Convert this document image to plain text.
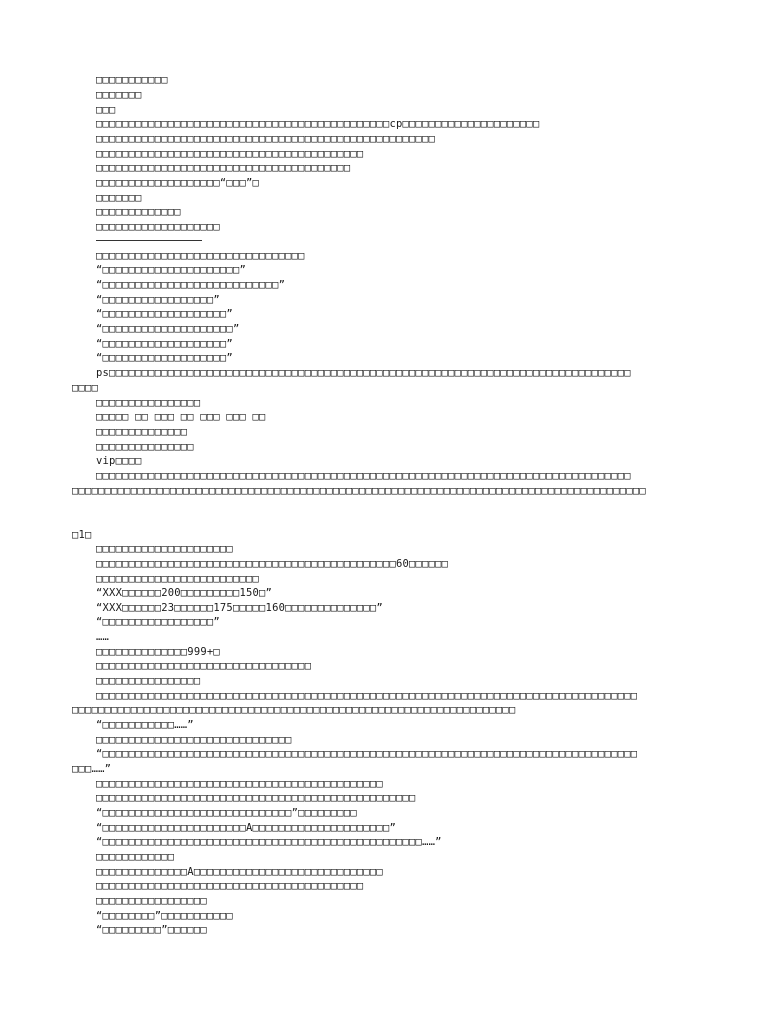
□□□□□□□□□□□
□□□□□□□
□□□
□□□□□□□□□□□□□□□□□□□□□□□□□□□□□□□□□□□□□□□□□□□□□cp□□□□□□□□□□□□□□□□□□□□□
□□□□□□□□□□□□□□□□□□□□□□□□□□□□□□□□□□□□□□□□□□□□□□□□□□□□
□□□□□□□□□□□□□□□□□□□□□□□□□□□□□□□□□□□□□□□□□
□□□□□□□□□□□□□□□□□□□□□□□□□□□□□□□□□□□□□□□
□□□□□□□□□□□□□□□□□□□“□□□”□
□□□□□□□
□□□□□□□□□□□□□
□□□□□□□□□□□□□□□□□□□
□□□□□□□□□□□□□□□□□□□□□□□□□□□□□□□□
“□□□□□□□□□□□□□□□□□□□□□”
“□□□□□□□□□□□□□□□□□□□□□□□□□□□”
“□□□□□□□□□□□□□□□□□”
“□□□□□□□□□□□□□□□□□□□”
“□□□□□□□□□□□□□□□□□□□□”
“□□□□□□□□□□□□□□□□□□□”
“□□□□□□□□□□□□□□□□□□□”
ps□□□□□□□□□□□□□□□□□□□□□□□□□□□□□□□□□□□□□□□□□□□□□□□□□□□□□□□□□□□□□□□□□□□□□□□□□□□□□□□□
□□□□
□□□□□□□□□□□□□□□□
□□□□□ □□ □□□ □□ □□□ □□□ □□
□□□□□□□□□□□□□□
□□□□□□□□□□□□□□□
vip□□□□
□□□□□□□□□□□□□□□□□□□□□□□□□□□□□□□□□□□□□□□□□□□□□□□□□□□□□□□□□□□□□□□□□□□□□□□□□□□□□□□□□□
□□□□□□□□□□□□□□□□□□□□□□□□□□□□□□□□□□□□□□□□□□□□□□□□□□□□□□□□□□□□□□□□□□□□□□□□□□□□□□□□□□□□□□□□
□1□
□□□□□□□□□□□□□□□□□□□□□
□□□□□□□□□□□□□□□□□□□□□□□□□□□□□□□□□□□□□□□□□□□□□□60□□□□□□
□□□□□□□□□□□□□□□□□□□□□□□□□
“XXX□□□□□□200□□□□□□□□□150□”
“XXX□□□□□□23□□□□□□175□□□□□160□□□□□□□□□□□□□□”
“□□□□□□□□□□□□□□□□□”
……
□□□□□□□□□□□□□□999+□
□□□□□□□□□□□□□□□□□□□□□□□□□□□□□□□□□
□□□□□□□□□□□□□□□□
□□□□□□□□□□□□□□□□□□□□□□□□□□□□□□□□□□□□□□□□□□□□□□□□□□□□□□□□□□□□□□□□□□□□□□□□□□□□□□□□□□□
□□□□□□□□□□□□□□□□□□□□□□□□□□□□□□□□□□□□□□□□□□□□□□□□□□□□□□□□□□□□□□□□□□□□
“□□□□□□□□□□□……”
□□□□□□□□□□□□□□□□□□□□□□□□□□□□□□
“□□□□□□□□□□□□□□□□□□□□□□□□□□□□□□□□□□□□□□□□□□□□□□□□□□□□□□□□□□□□□□□□□□□□□□□□□□□□□□□□□□
□□□……”
□□□□□□□□□□□□□□□□□□□□□□□□□□□□□□□□□□□□□□□□□□□□
□□□□□□□□□□□□□□□□□□□□□□□□□□□□□□□□□□□□□□□□□□□□□□□□□
“□□□□□□□□□□□□□□□□□□□□□□□□□□□□□”□□□□□□□□□
“□□□□□□□□□□□□□□□□□□□□□□A□□□□□□□□□□□□□□□□□□□□□”
“□□□□□□□□□□□□□□□□□□□□□□□□□□□□□□□□□□□□□□□□□□□□□□□□□……”
□□□□□□□□□□□□
□□□□□□□□□□□□□□A□□□□□□□□□□□□□□□□□□□□□□□□□□□□□
□□□□□□□□□□□□□□□□□□□□□□□□□□□□□□□□□□□□□□□□□
□□□□□□□□□□□□□□□□□
“□□□□□□□□”□□□□□□□□□□□
“□□□□□□□□□”□□□□□□
